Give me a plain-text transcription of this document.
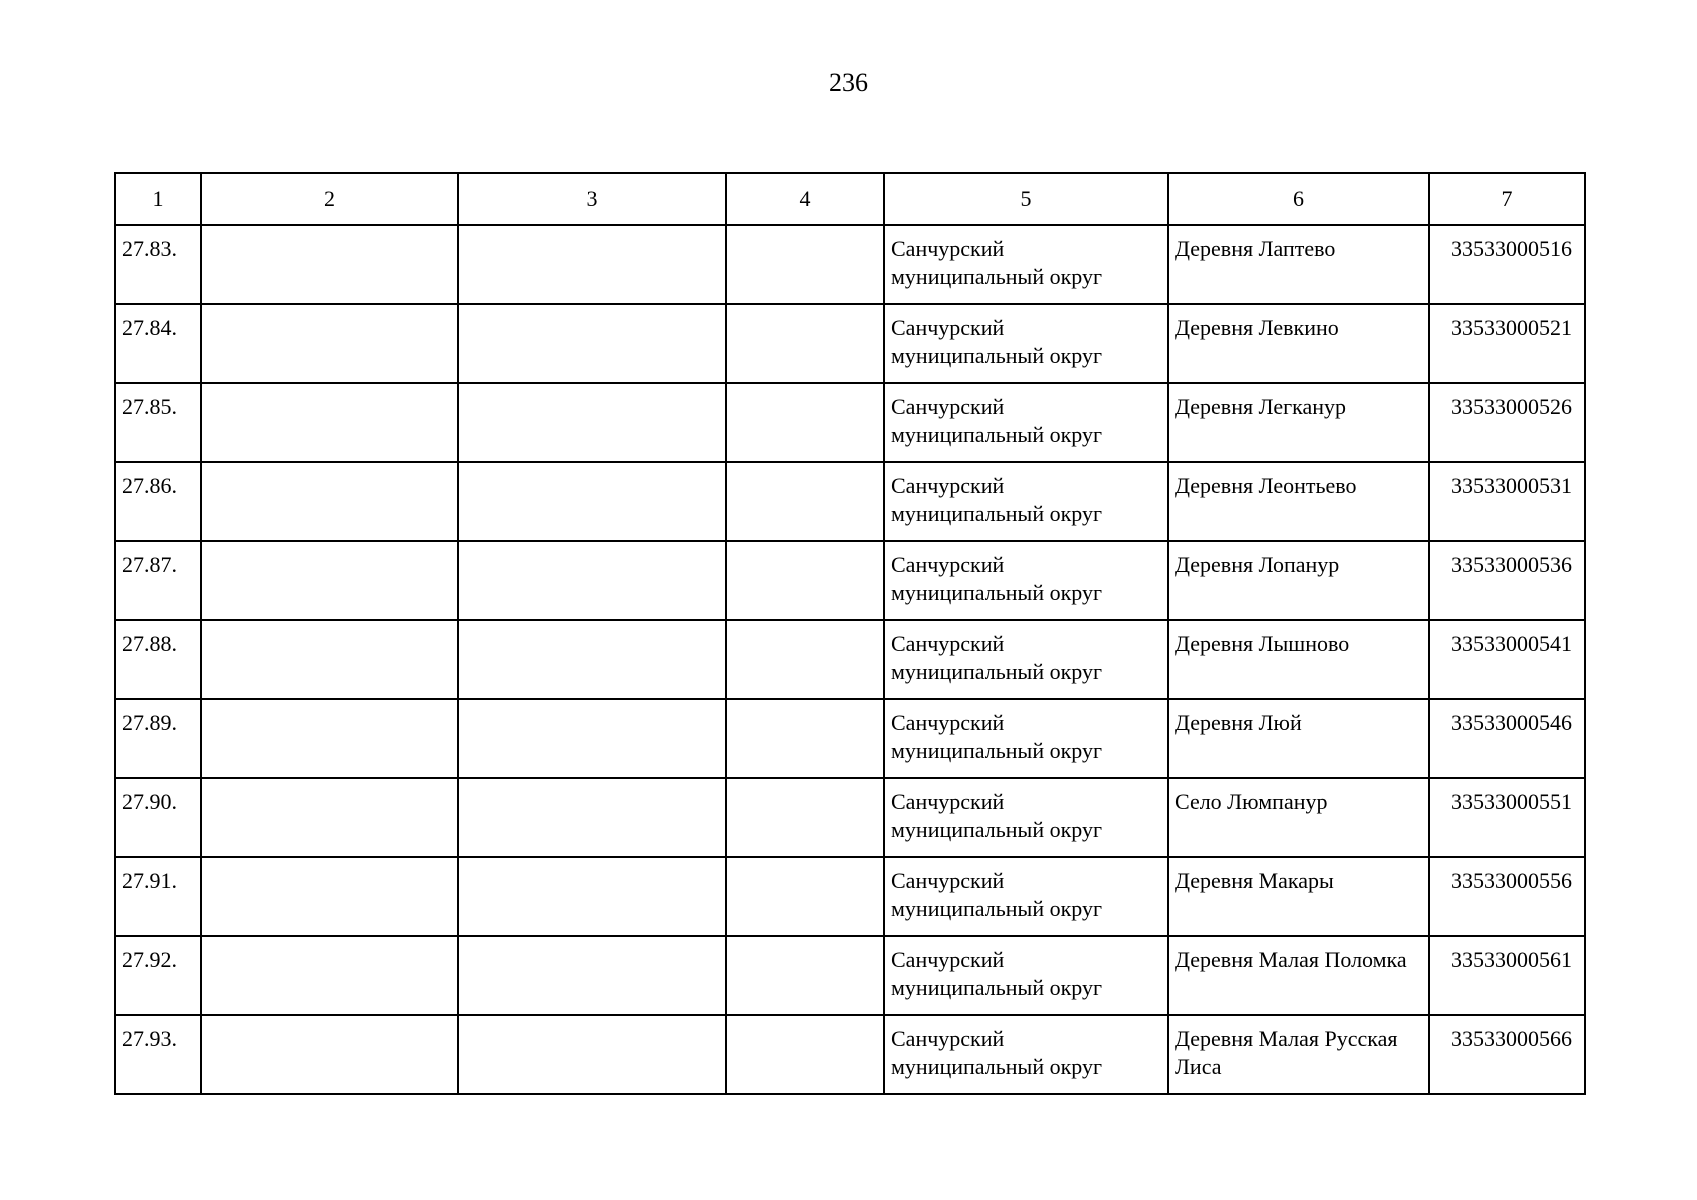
236
1	2	3	4	5	6	7
27.83.				Санчурский муниципальный округ	Деревня Лаптево	33533000516
27.84.				Санчурский муниципальный округ	Деревня Левкино	33533000521
27.85.				Санчурский муниципальный округ	Деревня Легканур	33533000526
27.86.				Санчурский муниципальный округ	Деревня Леонтьево	33533000531
27.87.				Санчурский муниципальный округ	Деревня Лопанур	33533000536
27.88.				Санчурский муниципальный округ	Деревня Лышново	33533000541
27.89.				Санчурский муниципальный округ	Деревня Люй	33533000546
27.90.				Санчурский муниципальный округ	Село Люмпанур	33533000551
27.91.				Санчурский муниципальный округ	Деревня Макары	33533000556
27.92.				Санчурский муниципальный округ	Деревня Малая Поломка	33533000561
27.93.				Санчурский муниципальный округ	Деревня Малая Русская Лиса	33533000566
